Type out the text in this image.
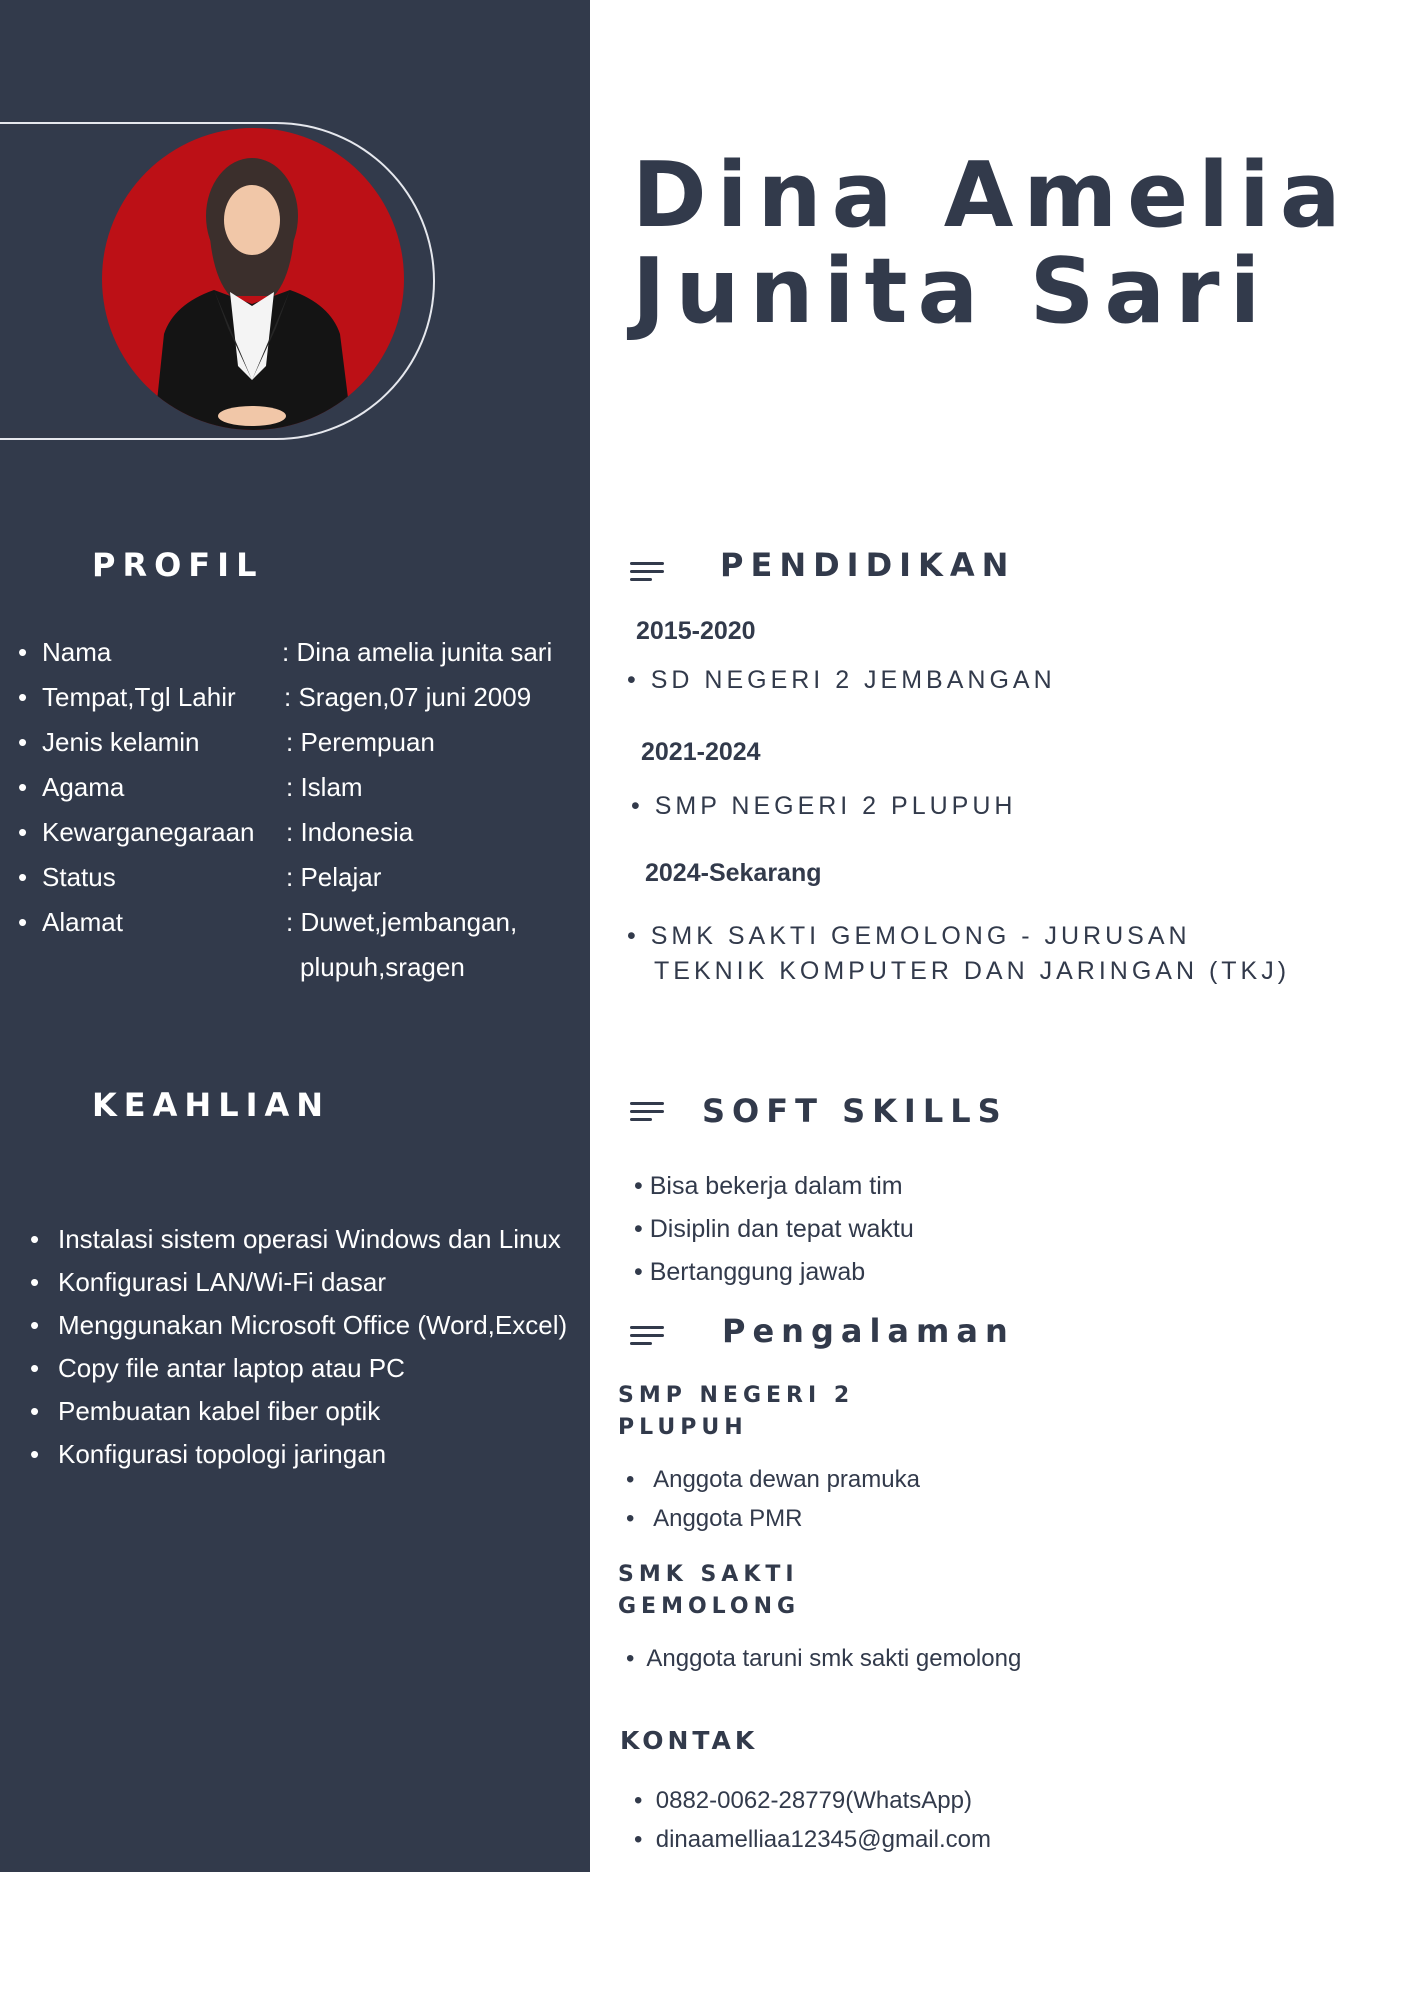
PROFIL
• Nama	: Dina amelia junita sari
• Tempat,Tgl Lahir : Sragen,07 juni 2009
• Jenis kelamin	: Perempuan
• Agama	: Islam
• Kewarganegaraan : Indonesia
• Status	: Pelajar
• Alamat	: Duwet,jembangan,
plupuh,sragen
KEAHLIAN
• Instalasi sistem operasi Windows dan Linux
• Konfigurasi LAN/Wi-Fi dasar
• Menggunakan Microsoft Office (Word,Excel)
• Copy file antar laptop atau PC
• Pembuatan kabel fiber optik
• Konfigurasi topologi jaringan
Dina Amelia
Junita Sari
PENDIDIKAN
2015-2020
• SD NEGERI 2 JEMBANGAN
2021-2024
• SMP NEGERI 2 PLUPUH
2024-Sekarang
• SMK SAKTI GEMOLONG - JURUSAN
TEKNIK KOMPUTER DAN JARINGAN (TKJ)
SOFT SKILLS
• Bisa bekerja dalam tim
• Disiplin dan tepat waktu
• Bertanggung jawab
Pengalaman
SMP NEGERI 2
PLUPUH
• Anggota dewan pramuka
• Anggota PMR
SMK SAKTI
GEMOLONG
• Anggota taruni smk sakti gemolong
KONTAK
• 0882-0062-28779(WhatsApp)
• dinaamelliaa12345@gmail.com
